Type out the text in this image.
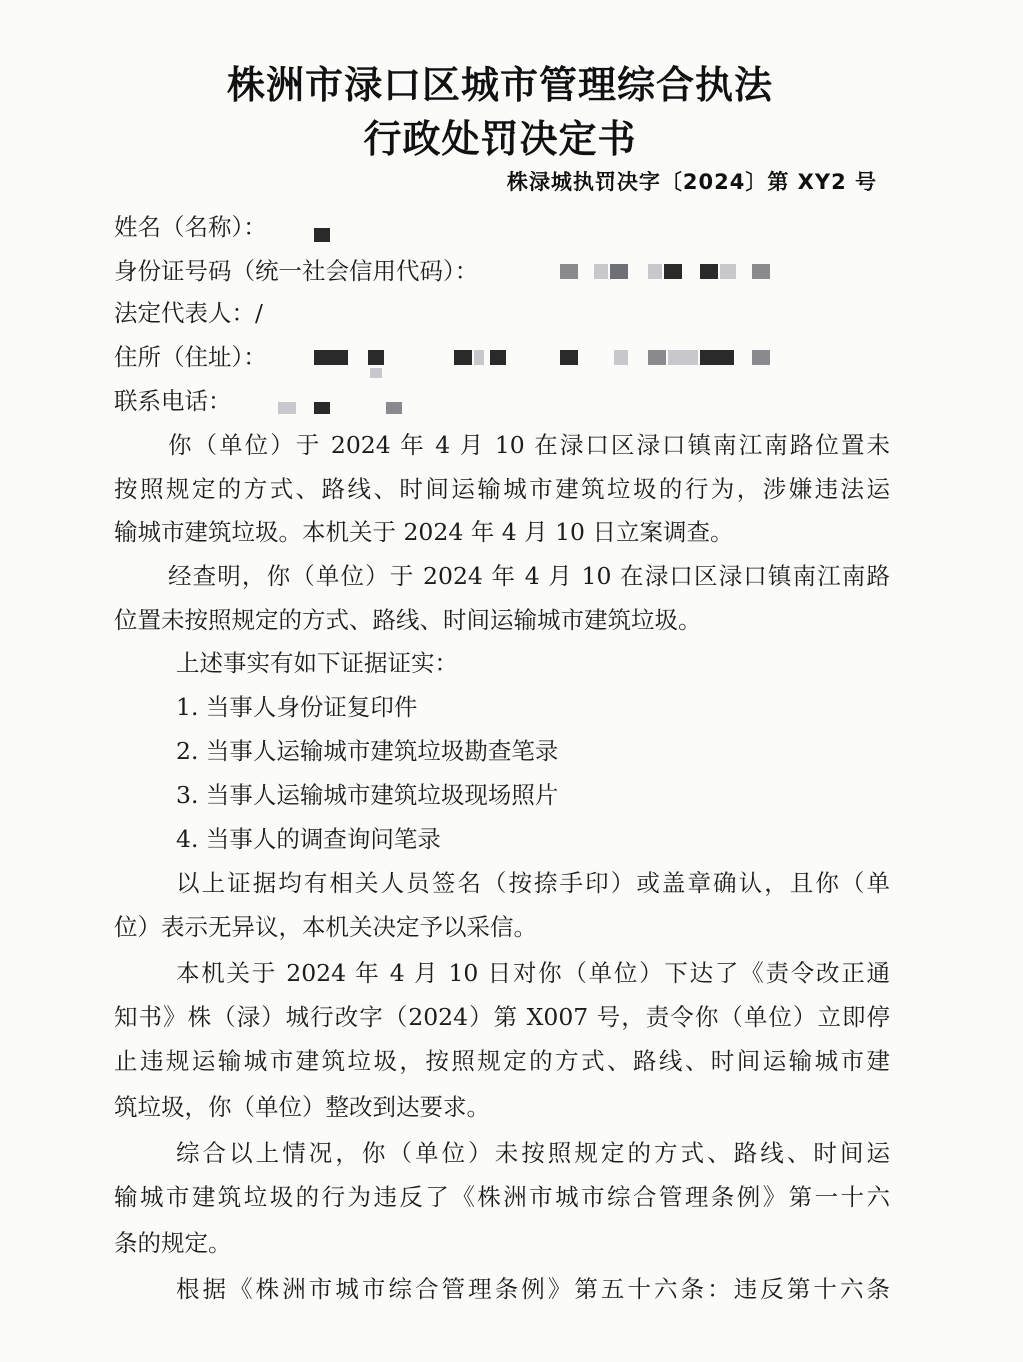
株洲市渌口区城市管理综合执法
行政处罚决定书
株渌城执罚决字〔2024〕第 XY2 号
姓名（名称）：
身份证号码（统一社会信用代码）：
法定代表人：/
住所（住址）：
联系电话：
你（单位）于 2024 年 4 月 10 在渌口区渌口镇南江南路位置未
按照规定的方式、路线、时间运输城市建筑垃圾的行为，涉嫌违法运
输城市建筑垃圾。本机关于 2024 年 4 月 10 日立案调查。
经查明，你（单位）于 2024 年 4 月 10 在渌口区渌口镇南江南路
位置未按照规定的方式、路线、时间运输城市建筑垃圾。
上述事实有如下证据证实：
1. 当事人身份证复印件
2. 当事人运输城市建筑垃圾勘查笔录
3. 当事人运输城市建筑垃圾现场照片
4. 当事人的调查询问笔录
以上证据均有相关人员签名（按捺手印）或盖章确认，且你（单
位）表示无异议，本机关决定予以采信。
本机关于 2024 年 4 月 10 日对你（单位）下达了《责令改正通
知书》株（渌）城行改字（2024）第 X007 号，责令你（单位）立即停
止违规运输城市建筑垃圾，按照规定的方式、路线、时间运输城市建
筑垃圾，你（单位）整改到达要求。
综合以上情况，你（单位）未按照规定的方式、路线、时间运
输城市建筑垃圾的行为违反了《株洲市城市综合管理条例》第一十六
条的规定。
根据《株洲市城市综合管理条例》第五十六条：违反第十六条
